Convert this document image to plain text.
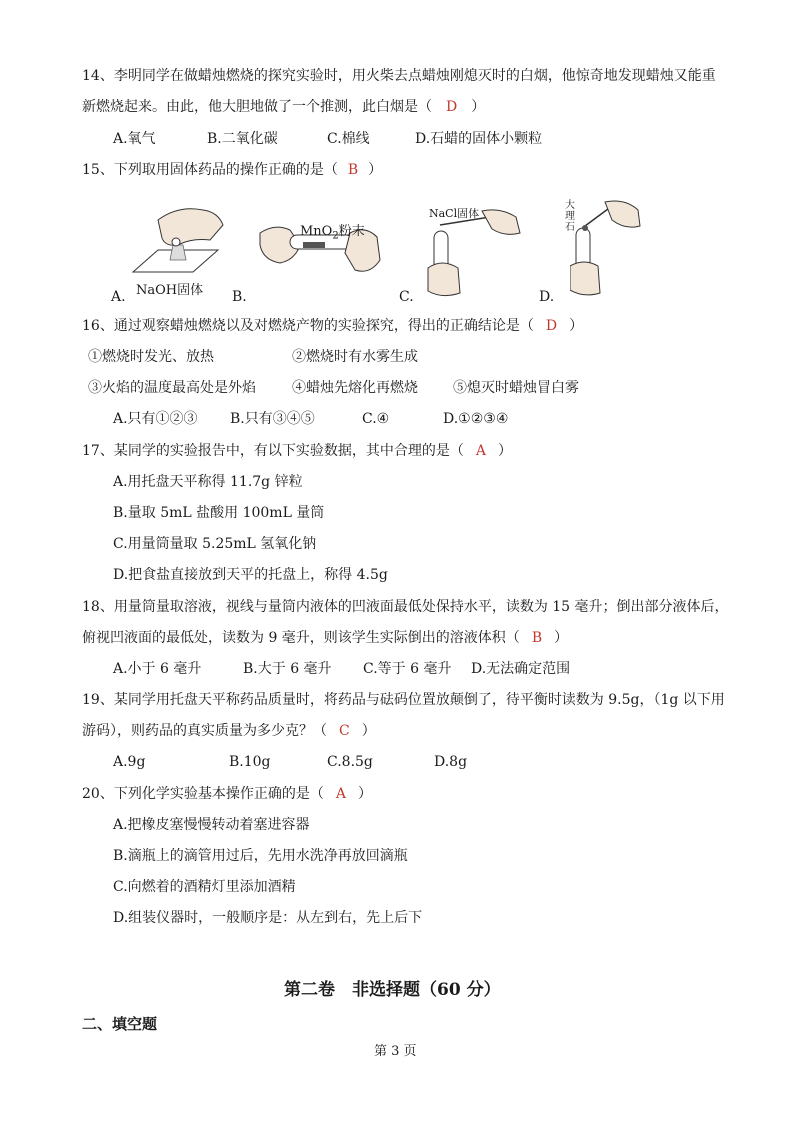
14、李明同学在做蜡烛燃烧的探究实验时，用火柴去点蜡烛刚熄灭时的白烟，他惊奇地发现蜡烛又能重
新燃烧起来。由此，他大胆地做了一个推测，此白烟是（ D ）
A.氧气	B.二氧化碳	C.棉线	D.石蜡的固体小颗粒
15、下列取用固体药品的操作正确的是（ B ）
NaOH固体
A.
MnO$_2$粉末
B.
NaCl固体
C.
大
理
石
D.
16、通过观察蜡烛燃烧以及对燃烧产物的实验探究，得出的正确结论是（ D ）
①燃烧时发光、放热	②燃烧时有水雾生成
③火焰的温度最高处是外焰	④蜡烛先熔化再燃烧	⑤熄灭时蜡烛冒白雾
A.只有①②③ B.只有③④⑤	C.④	D.①②③④
17、某同学的实验报告中，有以下实验数据，其中合理的是（ A ）
A.用托盘天平称得 11.7g 锌粒
B.量取 5mL 盐酸用 100mL 量筒
C.用量筒量取 5.25mL 氢氧化钠
D.把食盐直接放到天平的托盘上，称得 4.5g
18、用量筒量取溶液，视线与量筒内液体的凹液面最低处保持水平，读数为 15 毫升；倒出部分液体后，
俯视凹液面的最低处，读数为 9 毫升，则该学生实际倒出的溶液体积（ B ）
A.小于 6 毫升	B.大于 6 毫升 C.等于 6 毫升 D.无法确定范围
19、某同学用托盘天平称药品质量时，将药品与砝码位置放颠倒了，待平衡时读数为 9.5g，（1g 以下用
游码），则药品的真实质量为多少克？（ C ）
A.9g	B.10g	C.8.5g	D.8g
20、下列化学实验基本操作正确的是（ A ）
A.把橡皮塞慢慢转动着塞进容器
B.滴瓶上的滴管用过后，先用水洗净再放回滴瓶
C.向燃着的酒精灯里添加酒精
D.组装仪器时，一般顺序是：从左到右，先上后下
第二卷　非选择题（60 分）
二、填空题
第 3 页
